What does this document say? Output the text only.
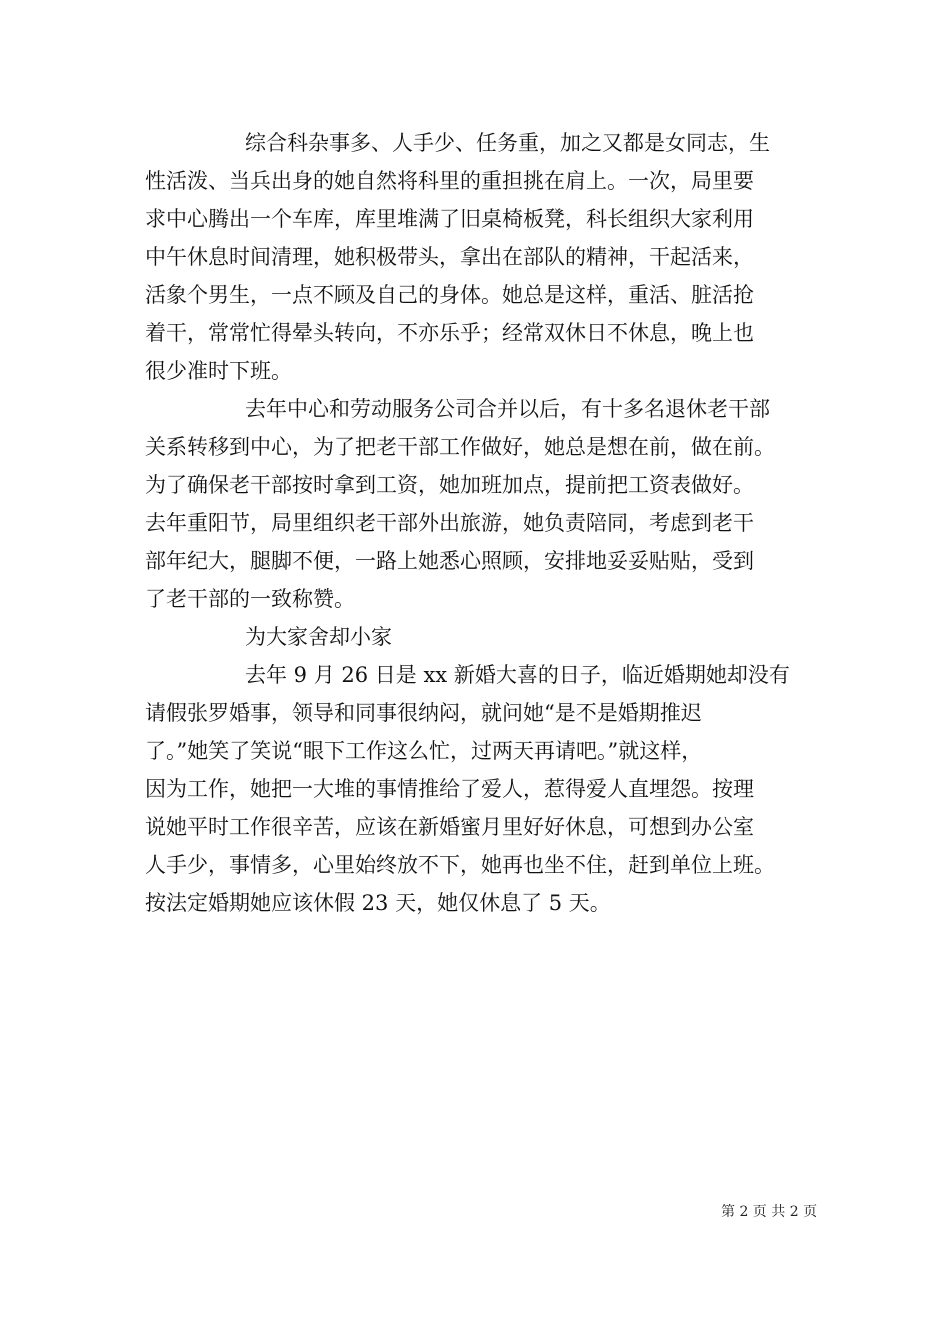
综合科杂事多、人手少、任务重，加之又都是女同志，生
性活泼、当兵出身的她自然将科里的重担挑在肩上。一次，局里要
求中心腾出一个车库，库里堆满了旧桌椅板凳，科长组织大家利用
中午休息时间清理，她积极带头，拿出在部队的精神，干起活来，
活象个男生，一点不顾及自己的身体。她总是这样，重活、脏活抢
着干，常常忙得晕头转向，不亦乐乎；经常双休日不休息，晚上也
很少准时下班。
去年中心和劳动服务公司合并以后，有十多名退休老干部
关系转移到中心，为了把老干部工作做好，她总是想在前，做在前。
为了确保老干部按时拿到工资，她加班加点，提前把工资表做好。
去年重阳节，局里组织老干部外出旅游，她负责陪同，考虑到老干
部年纪大，腿脚不便，一路上她悉心照顾，安排地妥妥贴贴，受到
了老干部的一致称赞。
为大家舍却小家
去年 9 月 26 日是 xx 新婚大喜的日子，临近婚期她却没有
请假张罗婚事，领导和同事很纳闷，就问她“是不是婚期推迟
了。”她笑了笑说“眼下工作这么忙，过两天再请吧。”就这样，
因为工作，她把一大堆的事情推给了爱人，惹得爱人直埋怨。按理
说她平时工作很辛苦，应该在新婚蜜月里好好休息，可想到办公室
人手少，事情多，心里始终放不下，她再也坐不住，赶到单位上班。
按法定婚期她应该休假 23 天，她仅休息了 5 天。
第 2 页 共 2 页
